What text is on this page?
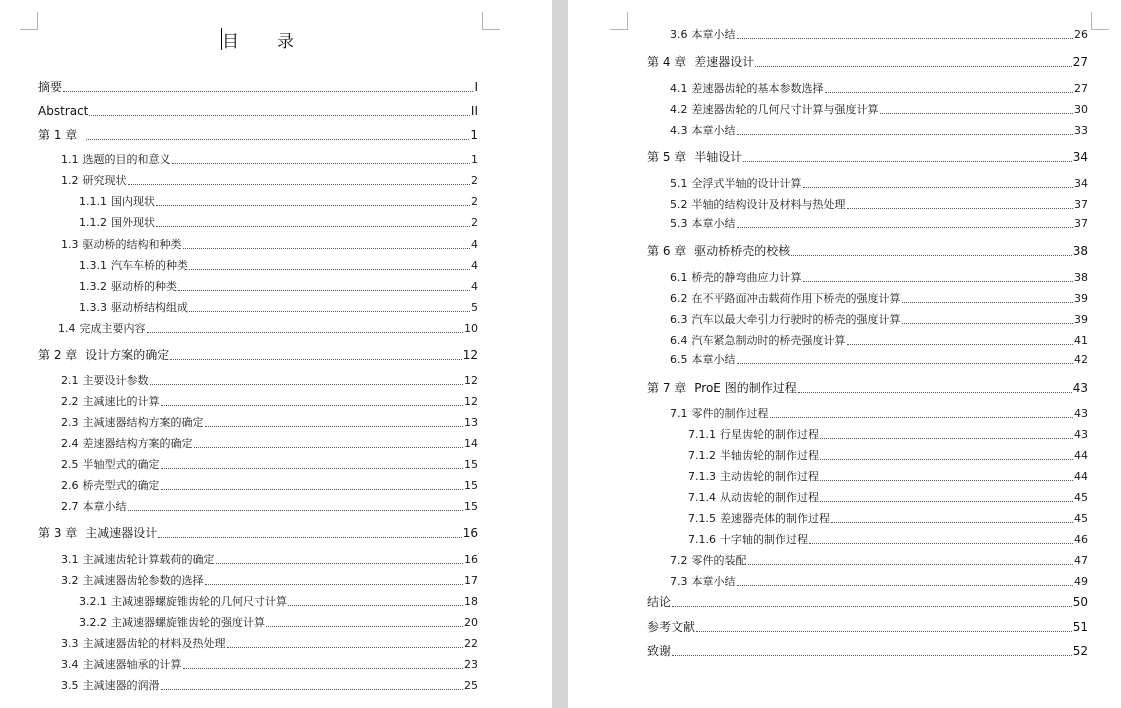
目 录
摘要	I
Abstract	II
第 1 章	1
1.1 选题的目的和意义	1
1.2 研究现状	2
1.1.1 国内现状	2
1.1.2 国外现状	2
1.3 驱动桥的结构和种类	4
1.3.1 汽车车桥的种类	4
1.3.2 驱动桥的种类	4
1.3.3 驱动桥结构组成	5
1.4 完成主要内容	10
第 2 章 设计方案的确定	12
2.1 主要设计参数	12
2.2 主减速比的计算	12
2.3 主减速器结构方案的确定	13
2.4 差速器结构方案的确定	14
2.5 半轴型式的确定	15
2.6 桥壳型式的确定	15
2.7 本章小结	15
第 3 章 主减速器设计	16
3.1 主减速齿轮计算载荷的确定	16
3.2 主减速器齿轮参数的选择	17
3.2.1 主减速器螺旋锥齿轮的几何尺寸计算	18
3.2.2 主减速器螺旋锥齿轮的强度计算	20
3.3 主减速器齿轮的材料及热处理	22
3.4 主减速器轴承的计算	23
3.5 主减速器的润滑	25
3.6 本章小结	26
第 4 章 差速器设计	27
4.1 差速器齿轮的基本参数选择	27
4.2 差速器齿轮的几何尺寸计算与强度计算	30
4.3 本章小结	33
第 5 章 半轴设计	34
5.1 全浮式半轴的设计计算	34
5.2 半轴的结构设计及材料与热处理	37
5.3 本章小结	37
第 6 章 驱动桥桥壳的校核	38
6.1 桥壳的静弯曲应力计算	38
6.2 在不平路面冲击载荷作用下桥壳的强度计算	39
6.3 汽车以最大牵引力行驶时的桥壳的强度计算	39
6.4 汽车紧急制动时的桥壳强度计算	41
6.5 本章小结	42
第 7 章 ProE 图的制作过程	43
7.1 零件的制作过程	43
7.1.1 行星齿轮的制作过程	43
7.1.2 半轴齿轮的制作过程	44
7.1.3 主动齿轮的制作过程	44
7.1.4 从动齿轮的制作过程	45
7.1.5 差速器壳体的制作过程	45
7.1.6 十字轴的制作过程	46
7.2 零件的装配	47
7.3 本章小结	49
结论	50
参考文献	51
致谢	52
